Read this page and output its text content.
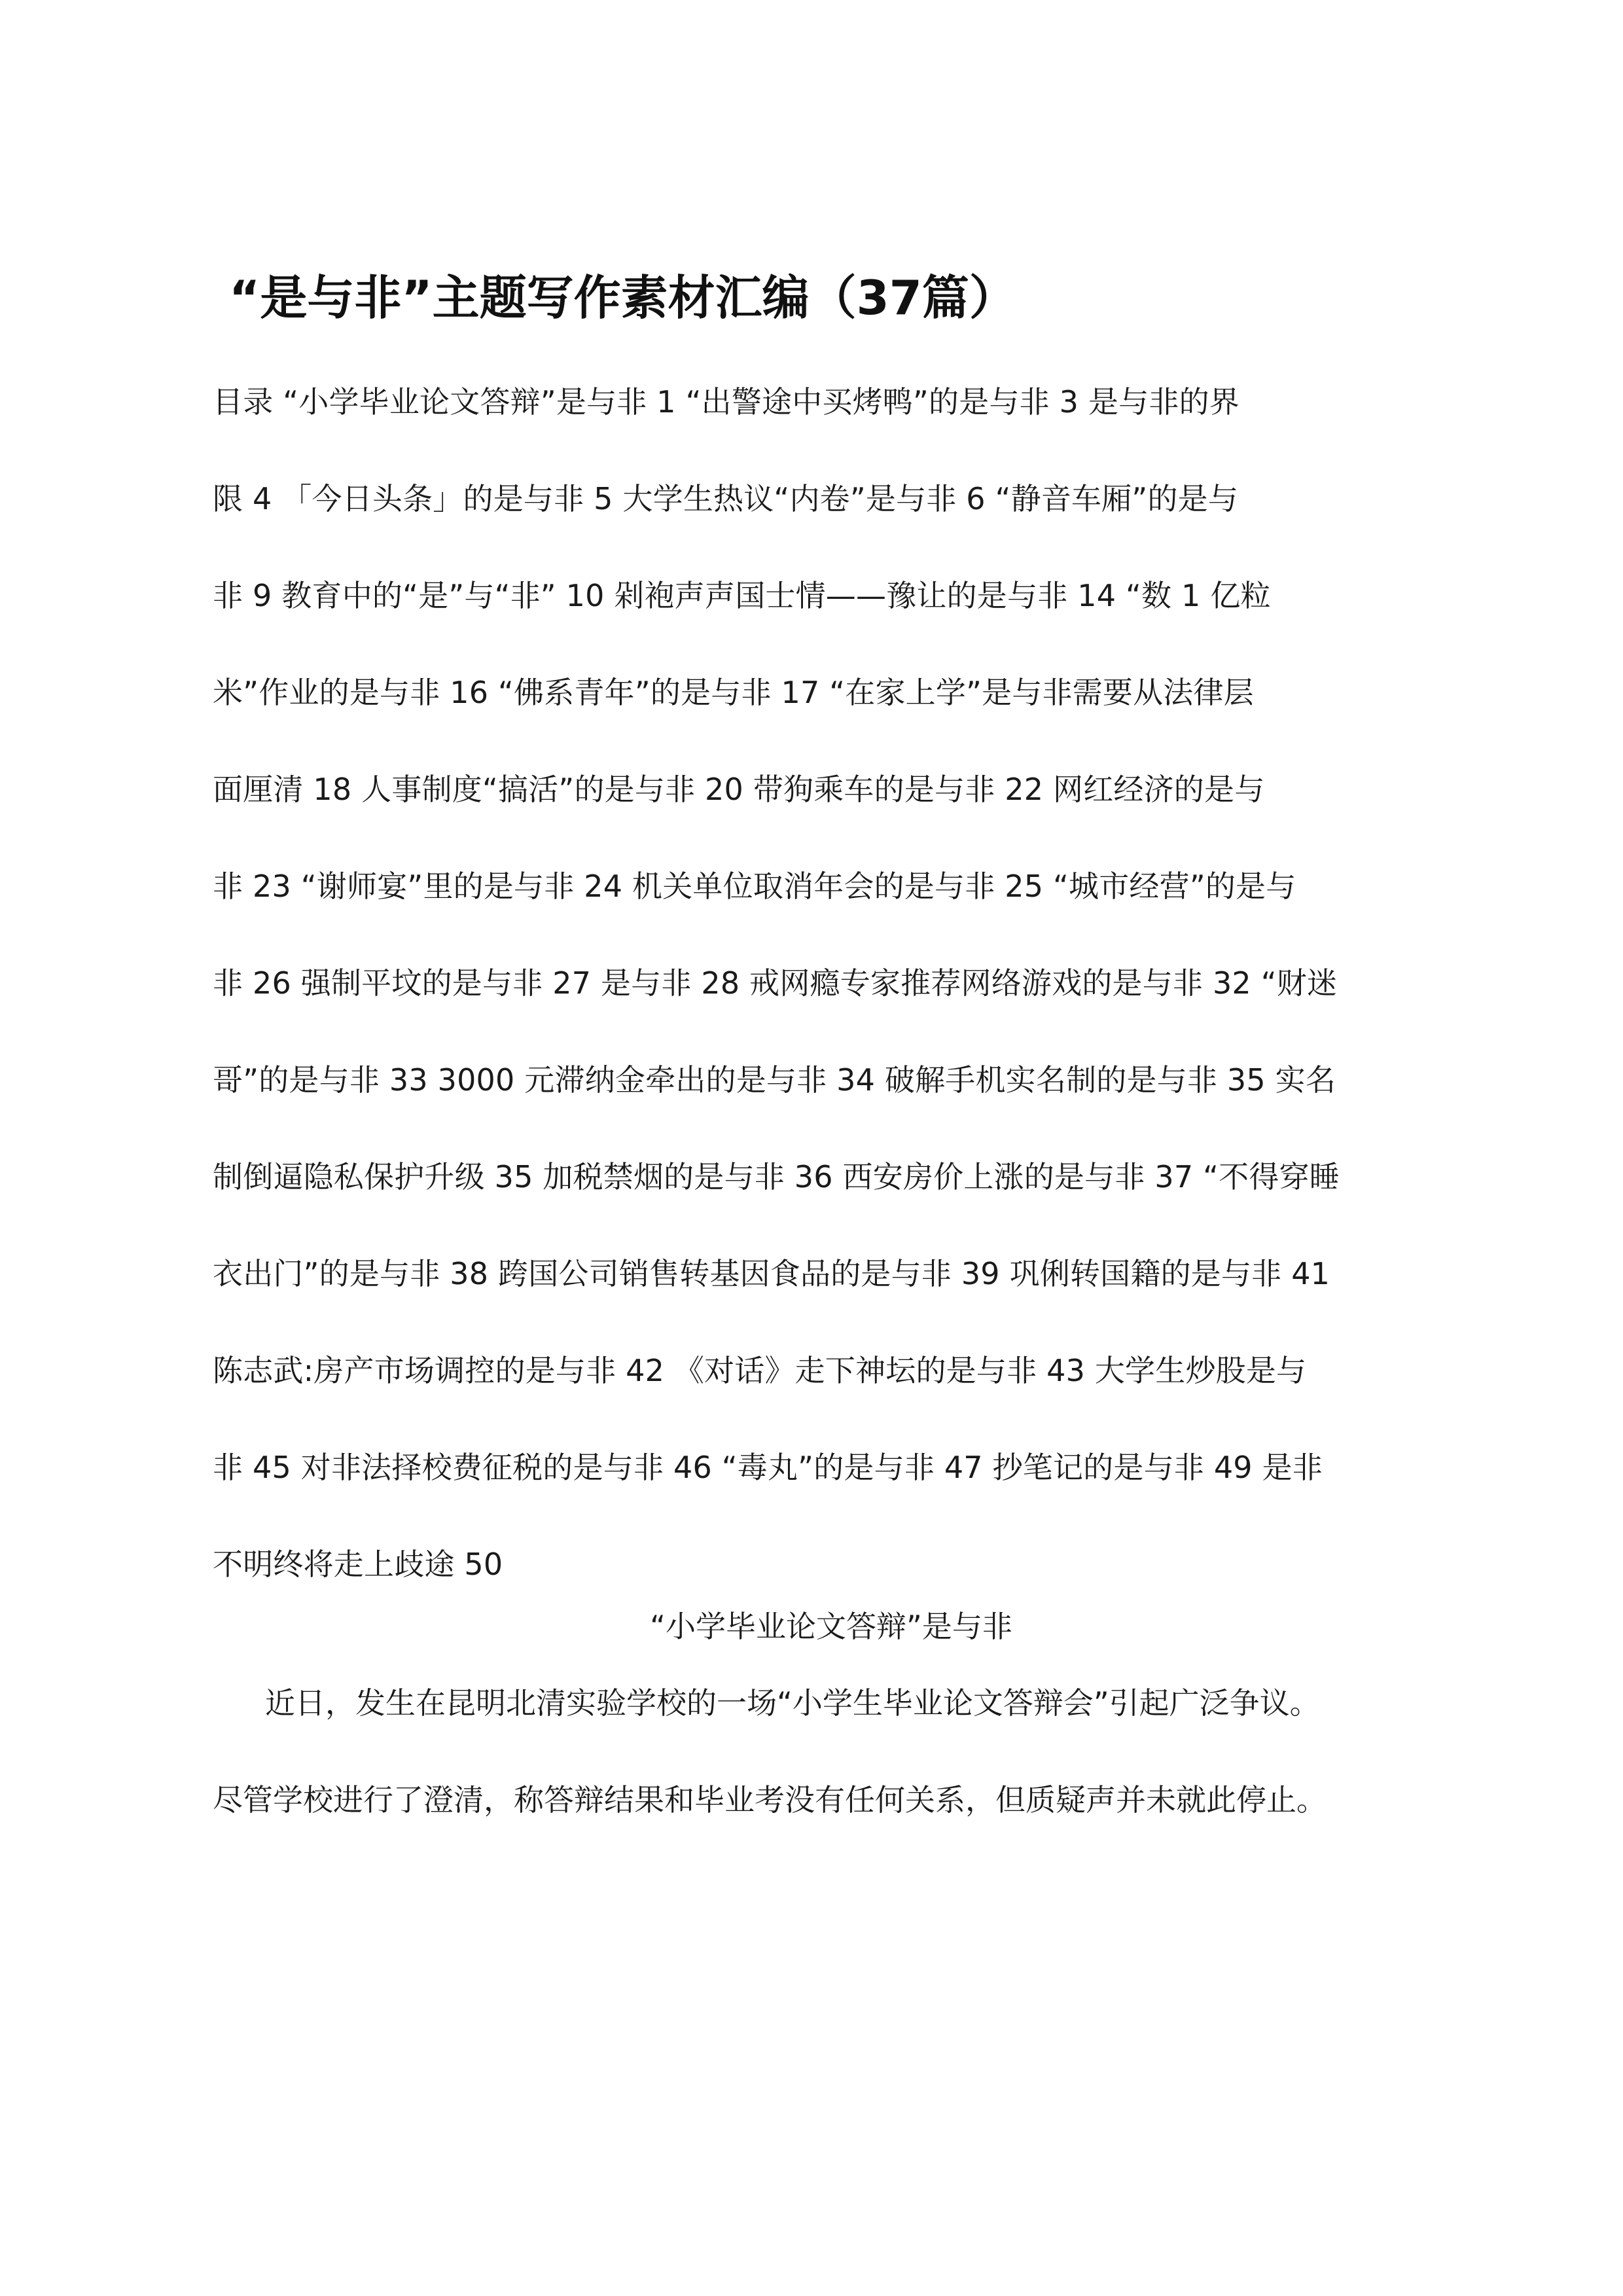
“是与非”主题写作素材汇编（37篇）
目录 “小学毕业论文答辩”是与非 1 “出警途中买烤鸭”的是与非 3 是与非的界
限 4 「今日头条」的是与非 5 大学生热议“内卷”是与非 6 “静音车厢”的是与
非 9 教育中的“是”与“非” 10 剁袍声声国士情——豫让的是与非 14 “数 1 亿粒
米”作业的是与非 16 “佛系青年”的是与非 17 “在家上学”是与非需要从法律层
面厘清 18 人事制度“搞活”的是与非 20 带狗乘车的是与非 22 网红经济的是与
非 23 “谢师宴”里的是与非 24 机关单位取消年会的是与非 25 “城市经营”的是与
非 26 强制平坟的是与非 27 是与非 28 戒网瘾专家推荐网络游戏的是与非 32 “财迷
哥”的是与非 33 3000 元滞纳金牵出的是与非 34 破解手机实名制的是与非 35 实名
制倒逼隐私保护升级 35 加税禁烟的是与非 36 西安房价上涨的是与非 37 “不得穿睡
衣出门”的是与非 38 跨国公司销售转基因食品的是与非 39 巩俐转国籍的是与非 41
陈志武:房产市场调控的是与非 42 《对话》走下神坛的是与非 43 大学生炒股是与
非 45 对非法择校费征税的是与非 46 “毒丸”的是与非 47 抄笔记的是与非 49 是非
不明终将走上歧途 50
“小学毕业论文答辩”是与非
近日，发生在昆明北清实验学校的一场“小学生毕业论文答辩会”引起广泛争议。
尽管学校进行了澄清，称答辩结果和毕业考没有任何关系，但质疑声并未就此停止。
